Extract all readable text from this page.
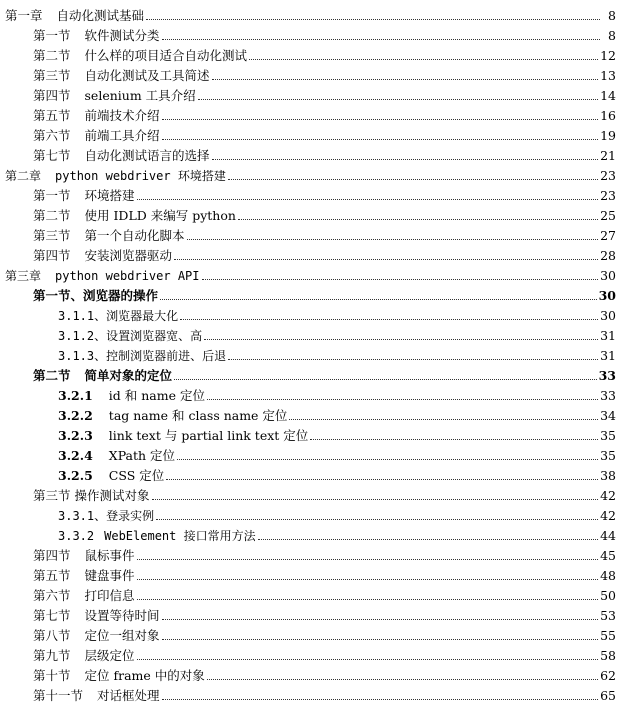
第一章 自动化测试基础	8
第一节 软件测试分类	8
第二节 什么样的项目适合自动化测试	12
第三节 自动化测试及工具简述	13
第四节 selenium 工具介绍	14
第五节 前端技术介绍	16
第六节 前端工具介绍	19
第七节 自动化测试语言的选择	21
第二章 python webdriver 环境搭建	23
第一节 环境搭建	23
第二节 使用 IDLD 来编写 python	25
第三节 第一个自动化脚本	27
第四节 安装浏览器驱动	28
第三章 python webdriver API	30
第一节、 浏览器的操作	30
3.1.1、 浏览器最大化	30
3.1.2、 设置浏览器宽、高	31
3.1.3、 控制浏览器前进、后退	31
第二节 简单对象的定位	33
3.2.1 id 和 name 定位	33
3.2.2 tag name 和 class name 定位	34
3.2.3 link text 与 partial link text 定位	35
3.2.4 XPath 定位	35
3.2.5 CSS 定位	38
第三节 操作测试对象	42
3.3.1、 登录实例	42
3.3.2 WebElement 接口常用方法	44
第四节 鼠标事件	45
第五节 键盘事件	48
第六节 打印信息	50
第七节 设置等待时间	53
第八节 定位一组对象	55
第九节 层级定位	58
第十节 定位 frame 中的对象	62
第十一节 对话框处理	65
